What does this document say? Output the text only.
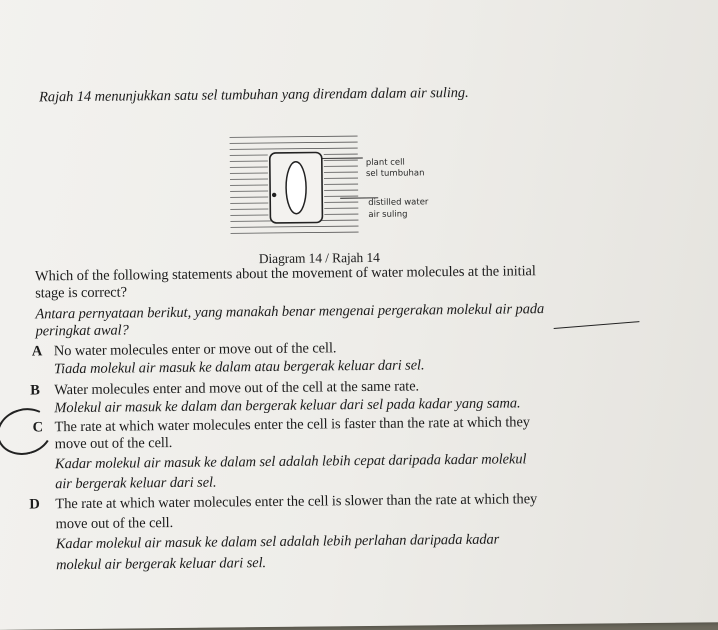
Rajah 14 menunjukkan satu sel tumbuhan yang direndam dalam air suling.
plant cell
sel tumbuhan
distilled water
air suling
Diagram 14 / Rajah 14
Which of the following statements about the movement of water molecules at the initial
stage is correct?
Antara pernyataan berikut, yang manakah benar mengenai pergerakan molekul air pada
peringkat awal?
A No water molecules enter or move out of the cell.
Tiada molekul air masuk ke dalam atau bergerak keluar dari sel.
B Water molecules enter and move out of the cell at the same rate.
Molekul air masuk ke dalam dan bergerak keluar dari sel pada kadar yang sama.
C The rate at which water molecules enter the cell is faster than the rate at which they
move out of the cell.
Kadar molekul air masuk ke dalam sel adalah lebih cepat daripada kadar molekul
air bergerak keluar dari sel.
D The rate at which water molecules enter the cell is slower than the rate at which they
move out of the cell.
Kadar molekul air masuk ke dalam sel adalah lebih perlahan daripada kadar
molekul air bergerak keluar dari sel.
